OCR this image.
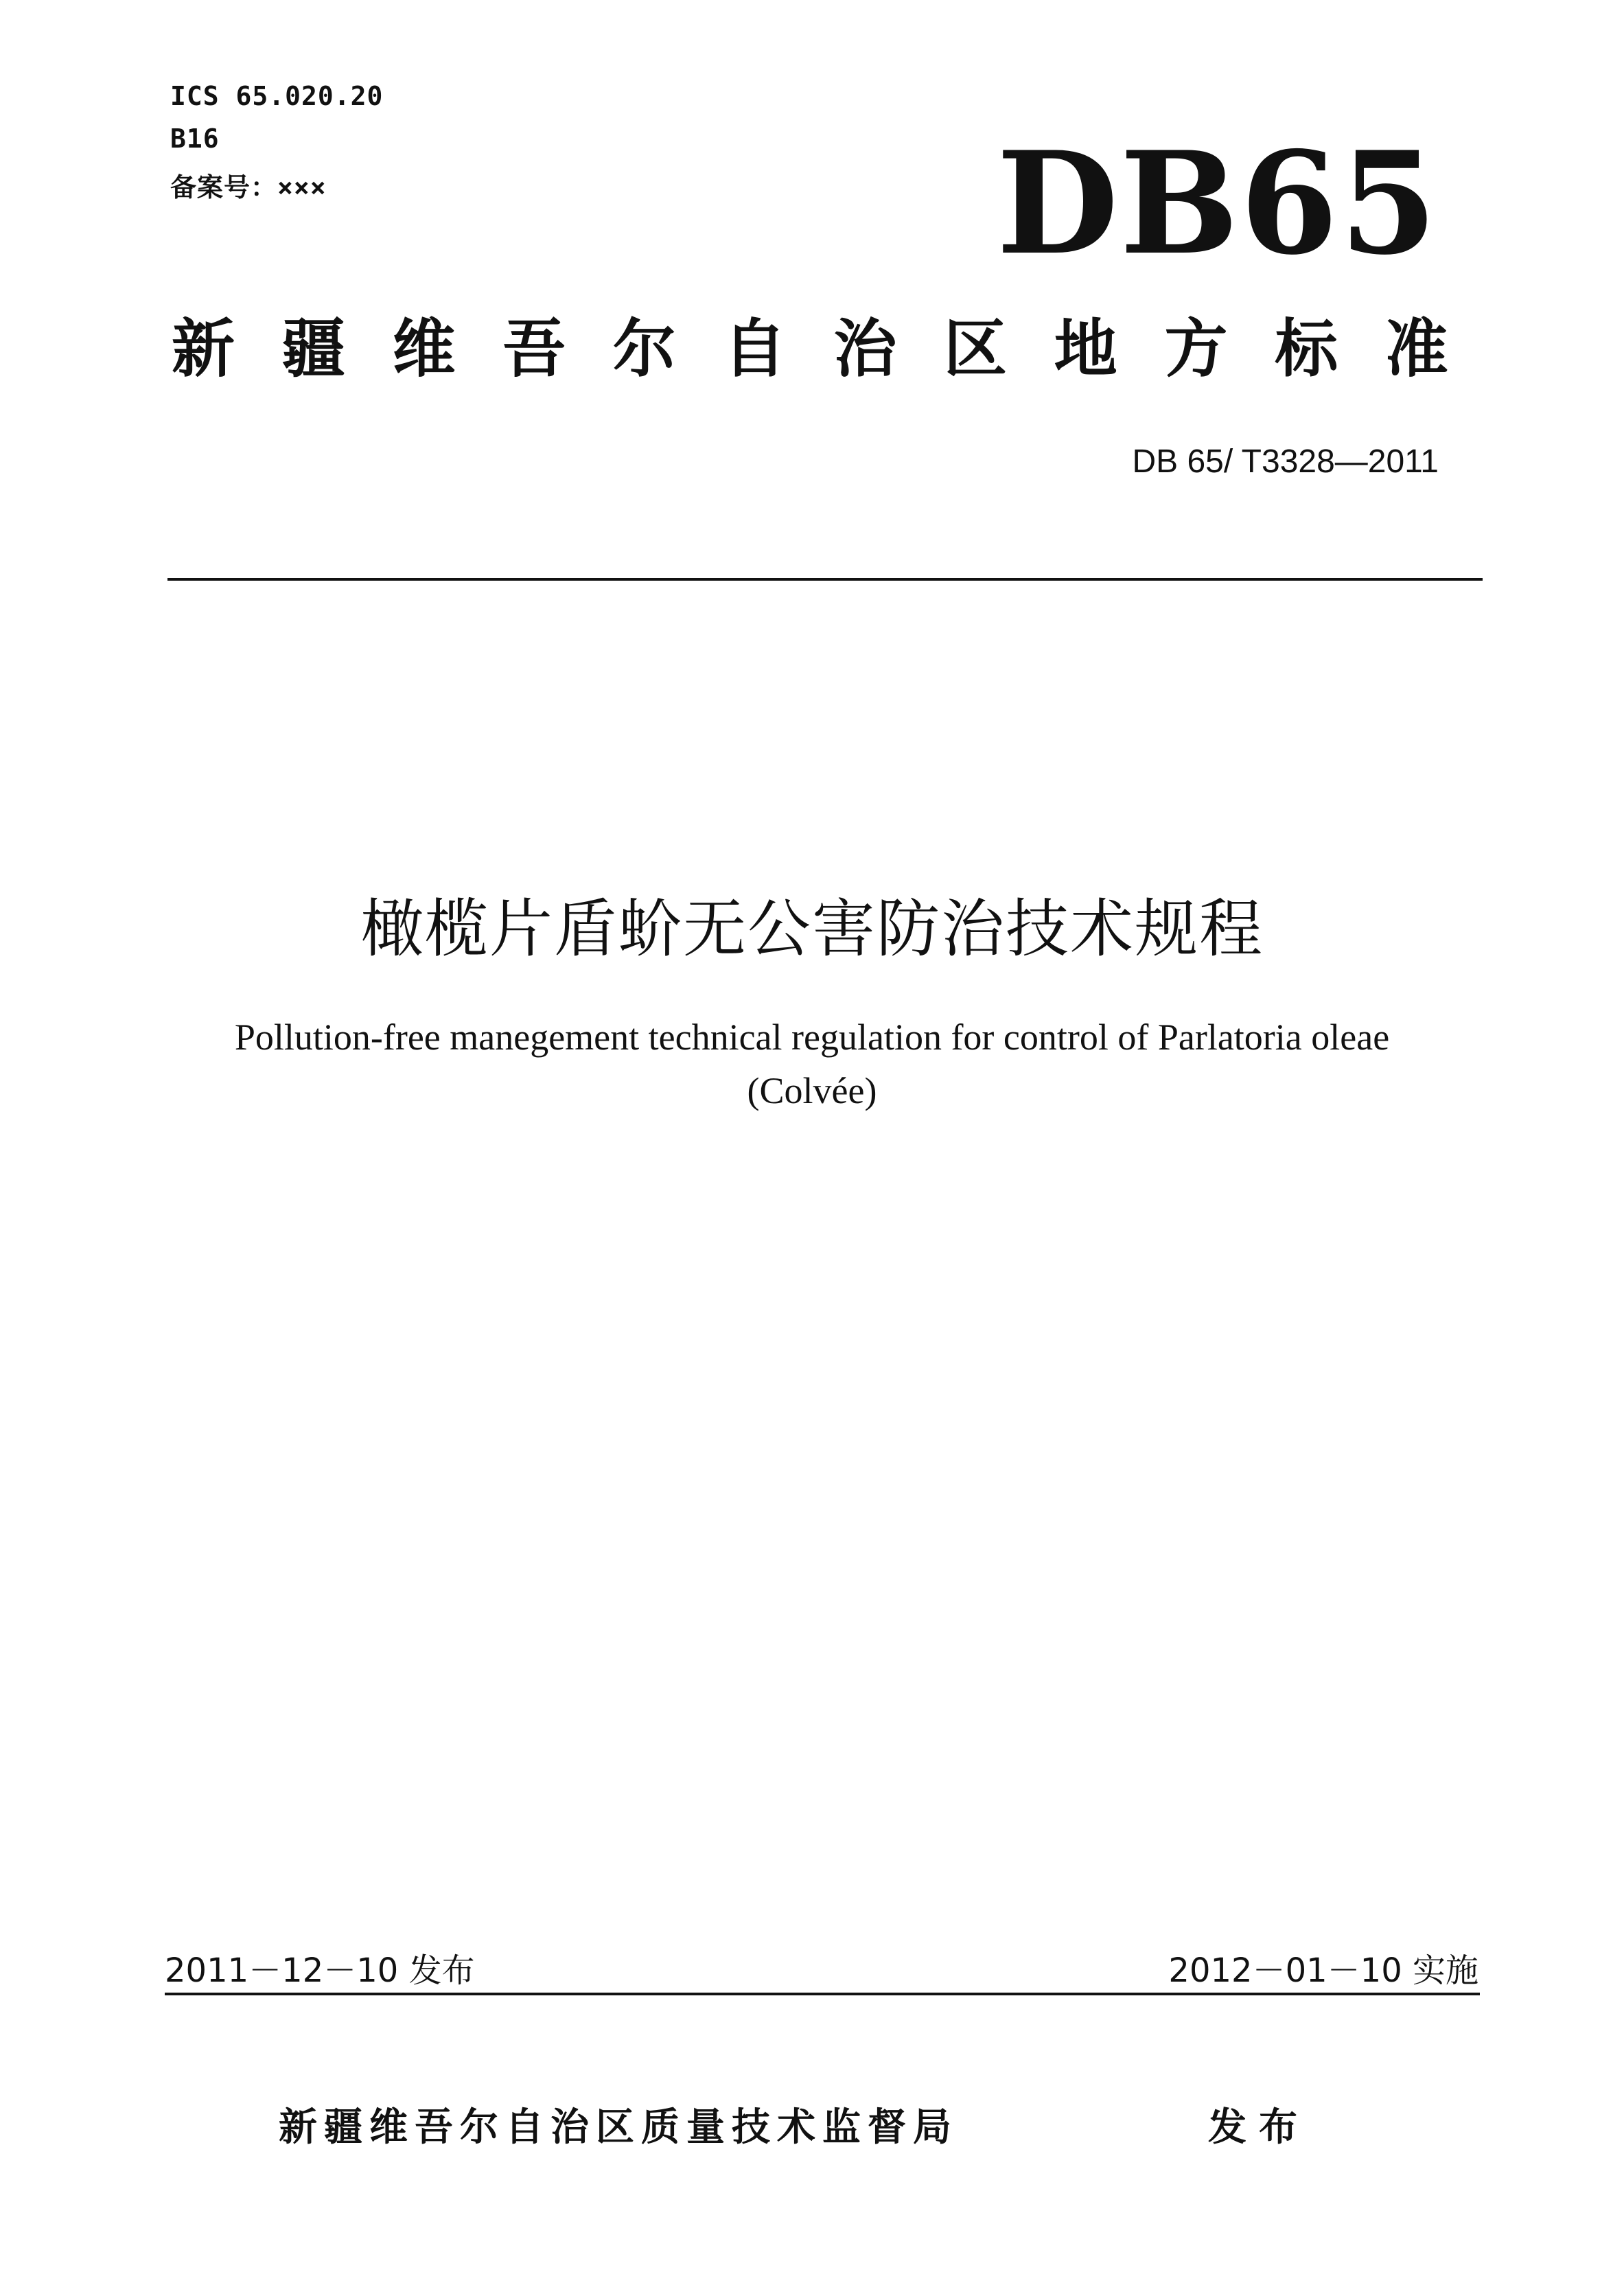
ICS 65.020.20
B16
备案号：×××	DB65
新 疆 维 吾 尔 自 治 区 地 方 标 准
DB 65/ T3328—2011
橄榄片盾蚧无公害防治技术规程
Pollution-free manegement technical regulation for control of Parlatoria oleae
(Colvée)
2011－12－10 发布	2012－01－10 实施
新疆维吾尔自治区质量技术监督局	发布
